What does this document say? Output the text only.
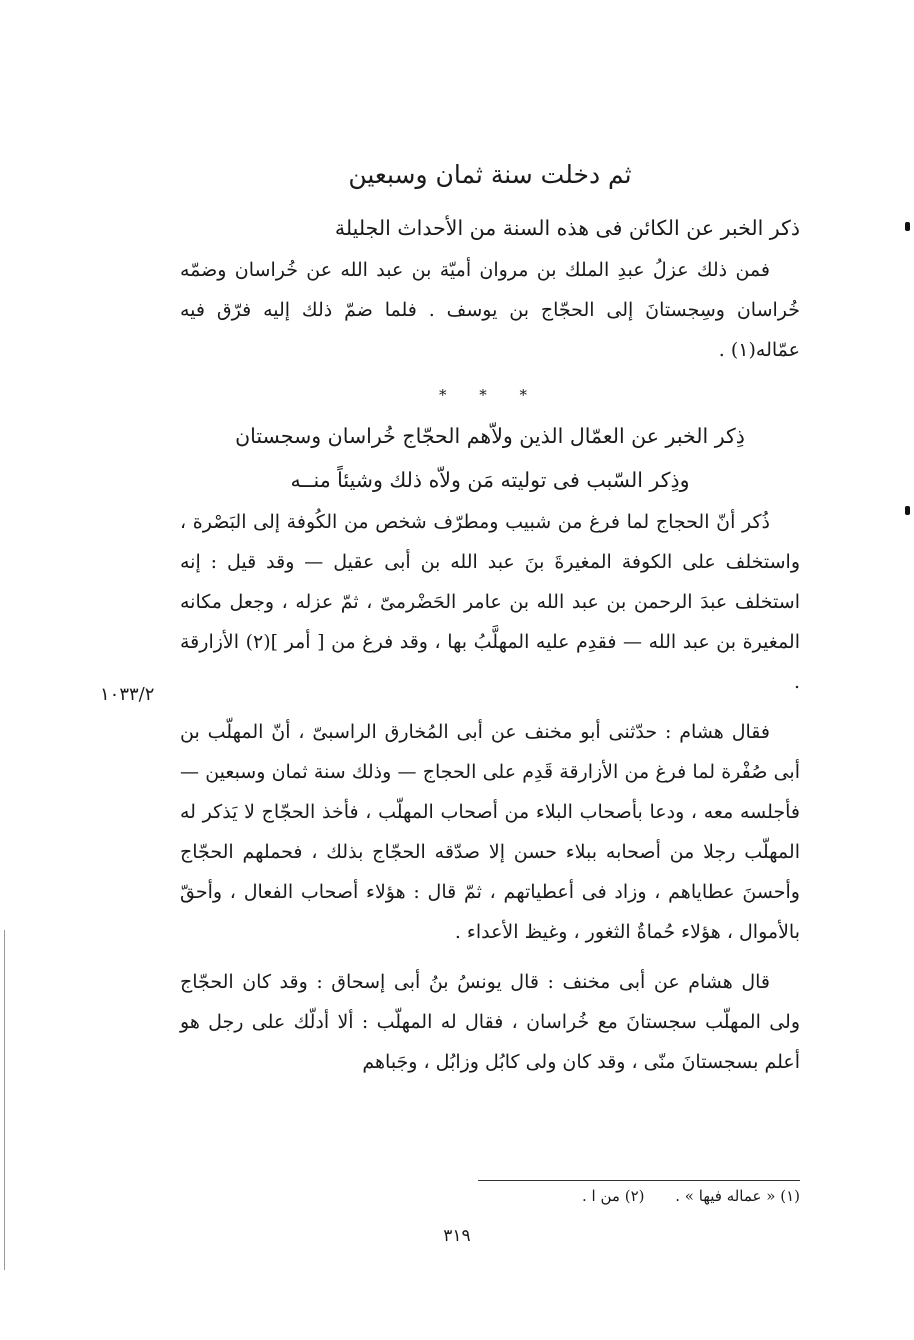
ثم دخلت سنة ثمان وسبعين
ذكر الخبر عن الكائن فى هذه السنة من الأحداث الجليلة

فمن ذلك عزلُ عبدِ الملك بن مروان أميّة بن عبد الله عن خُراسان وضمّه خُراسان وسِجستانَ إلى الحجّاج بن يوسف . فلما ضمّ ذلك إليه فرّق فيه عمّاله(١) .

* * *
ذِكر الخبر عن العمّال الذين ولاّهم الحجّاج خُراسان وسجستان
وذِكر السّبب فى توليته مَن ولاّه ذلك وشيئاً منــه

ذُكر أنّ الحجاج لما فرغ من شبيب ومطرّف شخص من الكُوفة إلى البَصْرة ، واستخلف على الكوفة المغيرةَ بنَ عبد الله بن أبى عقيل — وقد قيل : إنه استخلف عبدَ الرحمن بن عبد الله بن عامر الحَضْرمىّ ، ثمّ عزله ، وجعل مكانه المغيرة بن عبد الله — فقدِم عليه المهلَّبُ بها ، وقد فرغ من [ أمر ](٢) الأزارقة .

فقال هشام : حدّثنى أبو مخنف عن أبى المُخارق الراسبىّ ، أنّ المهلّب بن أبى صُفْرة لما فرغ من الأزارقة قَدِم على الحجاج — وذلك سنة ثمان وسبعين — فأجلسه معه ، ودعا بأصحاب البلاء من أصحاب المهلّب ، فأخذ الحجّاج لا يَذكر له المهلّب رجلا من أصحابه ببلاء حسن إلا صدّقه الحجّاج بذلك ، فحملهم الحجّاج وأحسنَ عطاياهم ، وزاد فى أعطياتهم ، ثمّ قال : هؤلاء أصحاب الفعال ، وأحقّ بالأموال ، هؤلاء حُماةُ الثغور ، وغيظ الأعداء .

قال هشام عن أبى مخنف : قال يونسُ بنُ أبى إسحاق : وقد كان الحجّاج ولى المهلّب سجستانَ مع خُراسان ، فقال له المهلّب : ألا أدلّك على رجل هو أعلم بسجستانَ منّى ، وقد كان ولى كابُل وزابُل ، وجَباهم

١٠٣٣/٢
(١) « عماله فيها » . (٢) من ا .
٣١٩
